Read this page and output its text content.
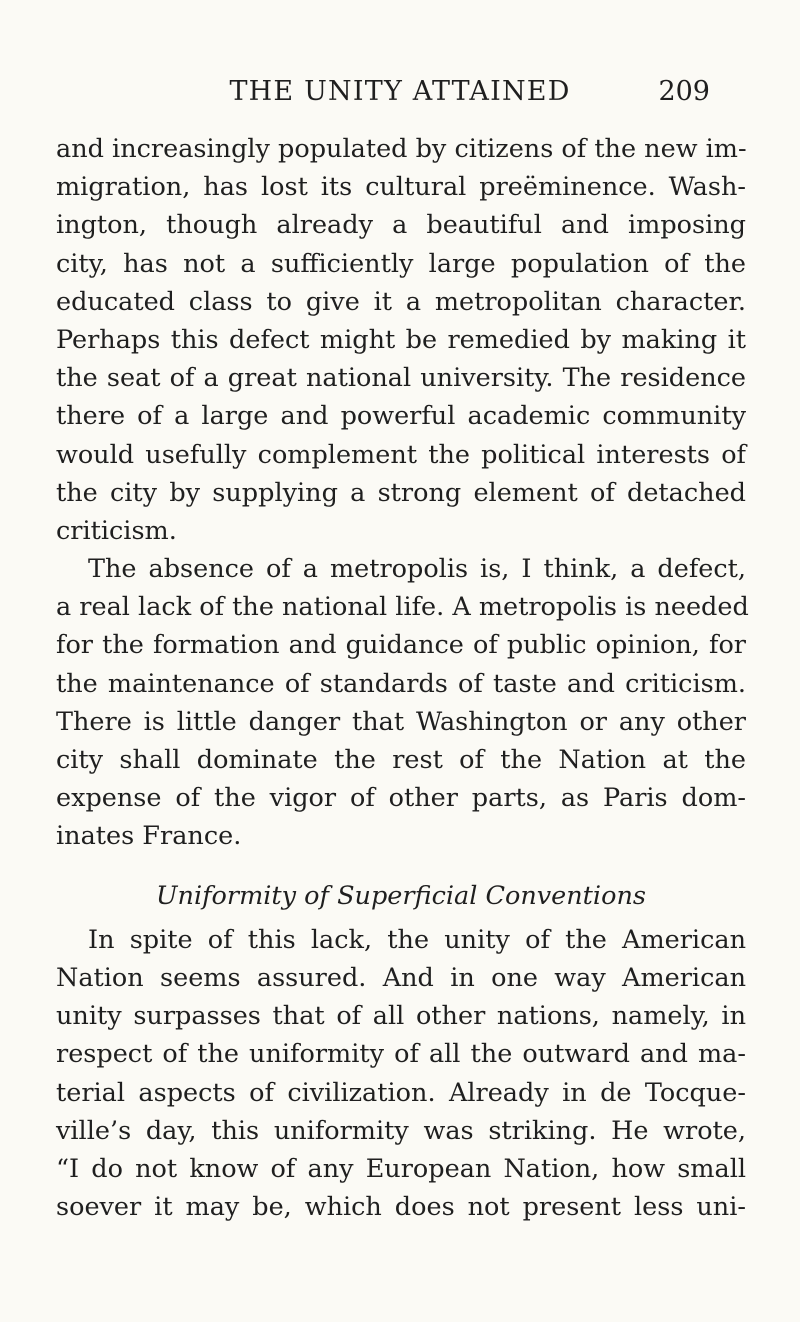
THE UNITY ATTAINED	209
and increasingly populated by citizens of the new im-
migration, has lost its cultural preëminence. Wash-
ington, though already a beautiful and imposing
city, has not a sufficiently large population of the
educated class to give it a metropolitan character.
Perhaps this defect might be remedied by making it
the seat of a great national university. The residence
there of a large and powerful academic community
would usefully complement the political interests of
the city by supplying a strong element of detached
criticism.
The absence of a metropolis is, I think, a defect,
a real lack of the national life. A metropolis is needed
for the formation and guidance of public opinion, for
the maintenance of standards of taste and criticism.
There is little danger that Washington or any other
city shall dominate the rest of the Nation at the
expense of the vigor of other parts, as Paris dom-
inates France.
Uniformity of Superficial Conventions
In spite of this lack, the unity of the American
Nation seems assured. And in one way American
unity surpasses that of all other nations, namely, in
respect of the uniformity of all the outward and ma-
terial aspects of civilization. Already in de Tocque-
ville’s day, this uniformity was striking. He wrote,
“I do not know of any European Nation, how small
soever it may be, which does not present less uni-
